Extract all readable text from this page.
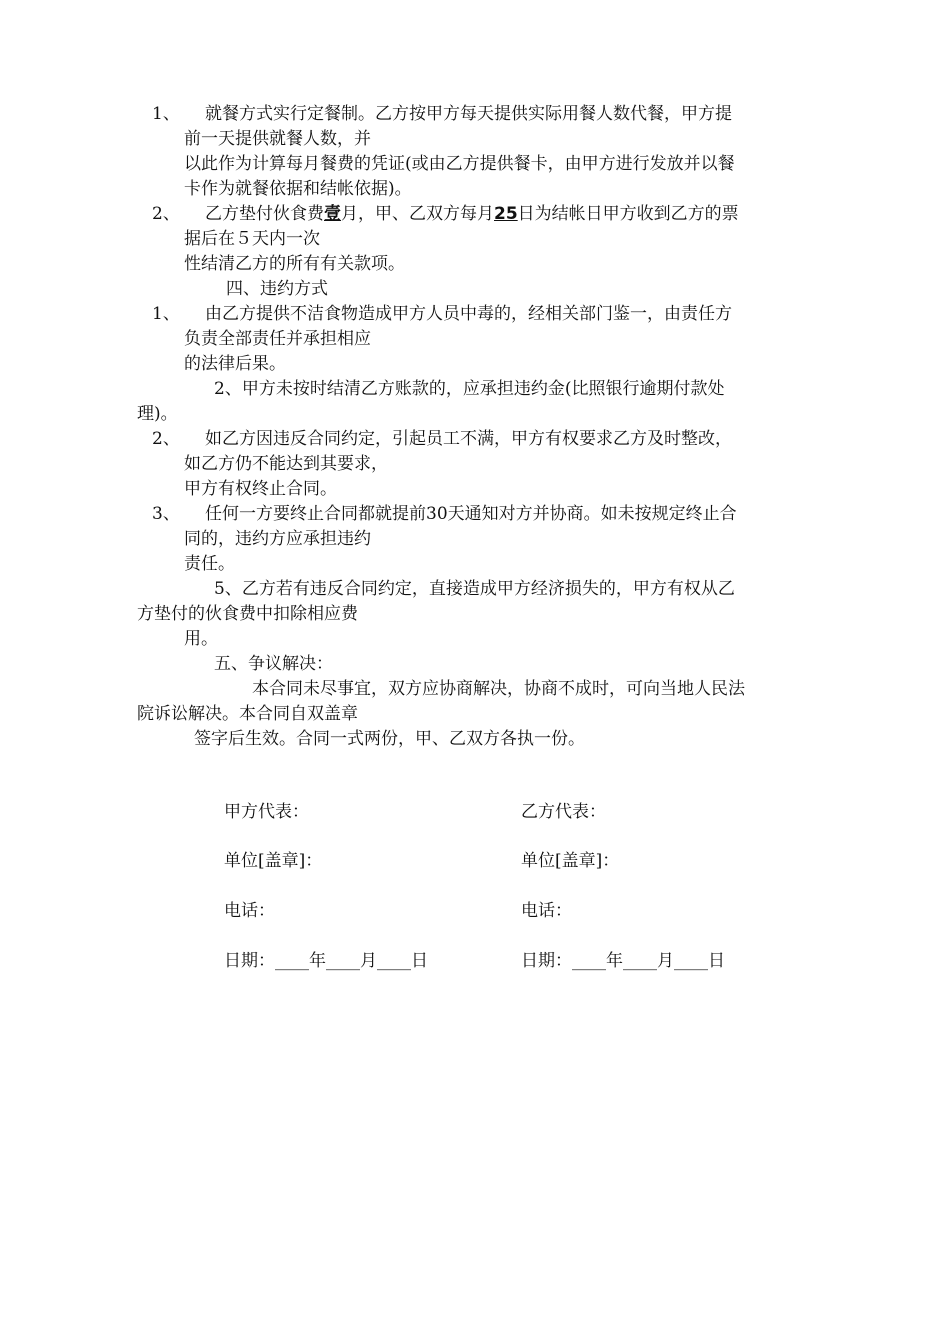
1、 就餐方式实行定餐制。乙方按甲方每天提供实际用餐人数代餐，甲方提
前一天提供就餐人数，并
以此作为计算每月餐费的凭证(或由乙方提供餐卡，由甲方进行发放并以餐
卡作为就餐依据和结帐依据)。
2、 乙方垫付伙食费壹月，甲、乙双方每月25日为结帐日甲方收到乙方的票
据后在５天内一次
性结清乙方的所有有关款项。
四、违约方式
1、 由乙方提供不洁食物造成甲方人员中毒的，经相关部门鉴一，由责任方
负责全部责任并承担相应
的法律后果。
2、甲方未按时结清乙方账款的，应承担违约金(比照银行逾期付款处
理)。
2、 如乙方因违反合同约定，引起员工不满，甲方有权要求乙方及时整改，
如乙方仍不能达到其要求，
甲方有权终止合同。
3、 任何一方要终止合同都就提前30天通知对方并协商。如未按规定终止合
同的，违约方应承担违约
责任。
5、乙方若有违反合同约定，直接造成甲方经济损失的，甲方有权从乙
方垫付的伙食费中扣除相应费
用。
五、争议解决：
本合同未尽事宜，双方应协商解决，协商不成时，可向当地人民法
院诉讼解决。本合同自双盖章
签字后生效。合同一式两份，甲、乙双方各执一份。
甲方代表：
单位[盖章]：
电话：
日期：____年____月____日
乙方代表：
单位[盖章]：
电话：
日期：____年____月____日
